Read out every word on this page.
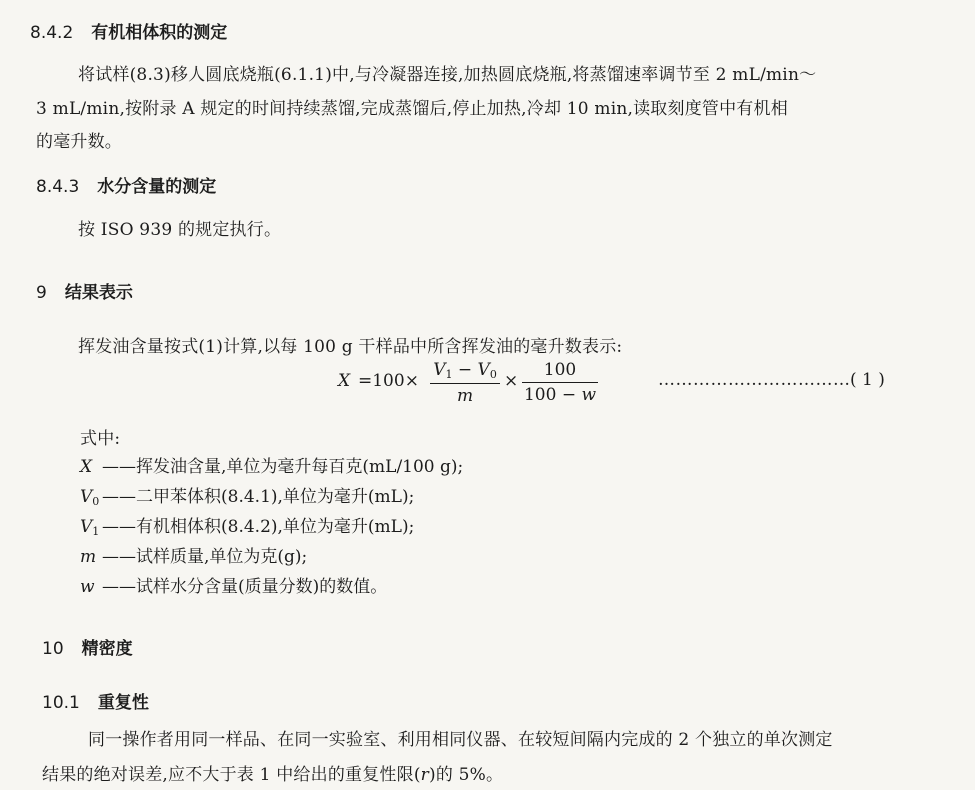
8.4.2 有机相体积的测定
将试样(8.3)移人圆底烧瓶(6.1.1)中,与冷凝器连接,加热圆底烧瓶,将蒸馏速率调节至 2 mL/min～
3 mL/min,按附录 A 规定的时间持续蒸馏,完成蒸馏后,停止加热,冷却 10 min,读取刻度管中有机相
的毫升数。
8.4.3 水分含量的测定
按 ISO 939 的规定执行。
9 结果表示
挥发油含量按式(1)计算,以每 100 g 干样品中所含挥发油的毫升数表示:
X =100×
$V_1 - V_0$
m
×
100
100 − w
…………………………… ( 1 )
式中:
X ——挥发油含量,单位为毫升每百克(mL/100 g);
$V_0$ ——二甲苯体积(8.4.1),单位为毫升(mL);
$V_1$ ——有机相体积(8.4.2),单位为毫升(mL);
m ——试样质量,单位为克(g);
w ——试样水分含量(质量分数)的数值。
10 精密度
10.1 重复性
同一操作者用同一样品、在同一实验室、利用相同仪器、在较短间隔内完成的 2 个独立的单次测定
结果的绝对误差,应不大于表 1 中给出的重复性限(r)的 5%。
